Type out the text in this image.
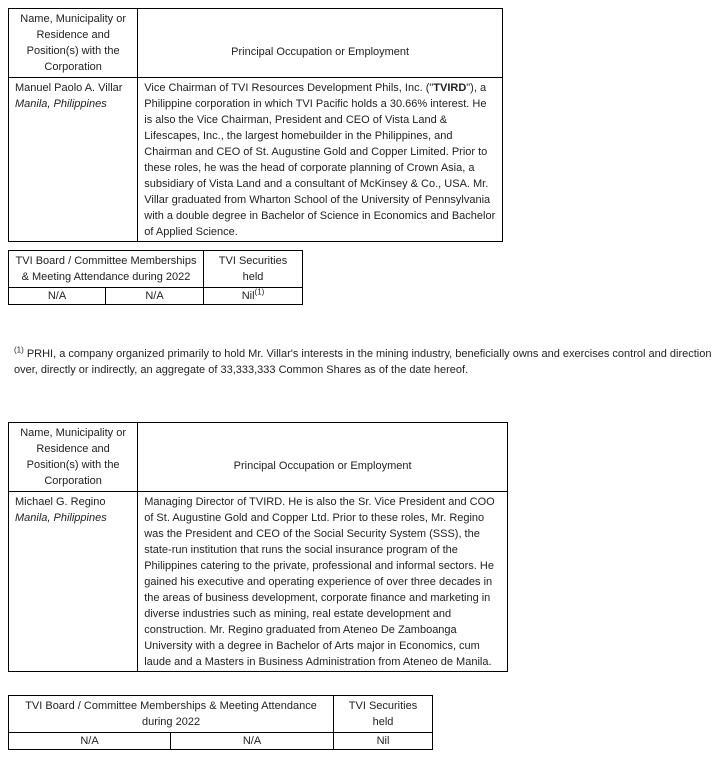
Name, Municipality or Residence and Position(s) with the Corporation	Principal Occupation or Employment

Manuel Paolo A. Villar
Manila, Philippines	Vice Chairman of TVI Resources Development Phils, Inc. ("TVIRD"), a Philippine corporation in which TVI Pacific holds a 30.66% interest. He is also the Vice Chairman, President and CEO of Vista Land & Lifescapes, Inc., the largest homebuilder in the Philippines, and Chairman and CEO of St. Augustine Gold and Copper Limited. Prior to these roles, he was the head of corporate planning of Crown Asia, a subsidiary of Vista Land and a consultant of McKinsey & Co., USA. Mr. Villar graduated from Wharton School of the University of Pennsylvania with a double degree in Bachelor of Science in Economics and Bachelor of Applied Science.
TVI Board / Committee Memberships & Meeting Attendance during 2022		TVI Securities held
N/A	N/A	Nil$^{(1)}$
$^{(1)}$ PRHI, a company organized primarily to hold Mr. Villar's interests in the mining industry, beneficially owns and exercises control and direction over, directly or indirectly, an aggregate of 33,333,333 Common Shares as of the date hereof.
Name, Municipality or Residence and Position(s) with the Corporation	Principal Occupation or Employment

Michael G. Regino
Manila, Philippines	Managing Director of TVIRD. He is also the Sr. Vice President and COO of St. Augustine Gold and Copper Ltd. Prior to these roles, Mr. Regino was the President and CEO of the Social Security System (SSS), the state-run institution that runs the social insurance program of the Philippines catering to the private, professional and informal sectors. He gained his executive and operating experience of over three decades in the areas of business development, corporate finance and marketing in diverse industries such as mining, real estate development and construction. Mr. Regino graduated from Ateneo De Zamboanga University with a degree in Bachelor of Arts major in Economics, cum laude and a Masters in Business Administration from Ateneo de Manila.
TVI Board / Committee Memberships & Meeting Attendance during 2022		TVI Securities held
N/A	N/A	Nil
